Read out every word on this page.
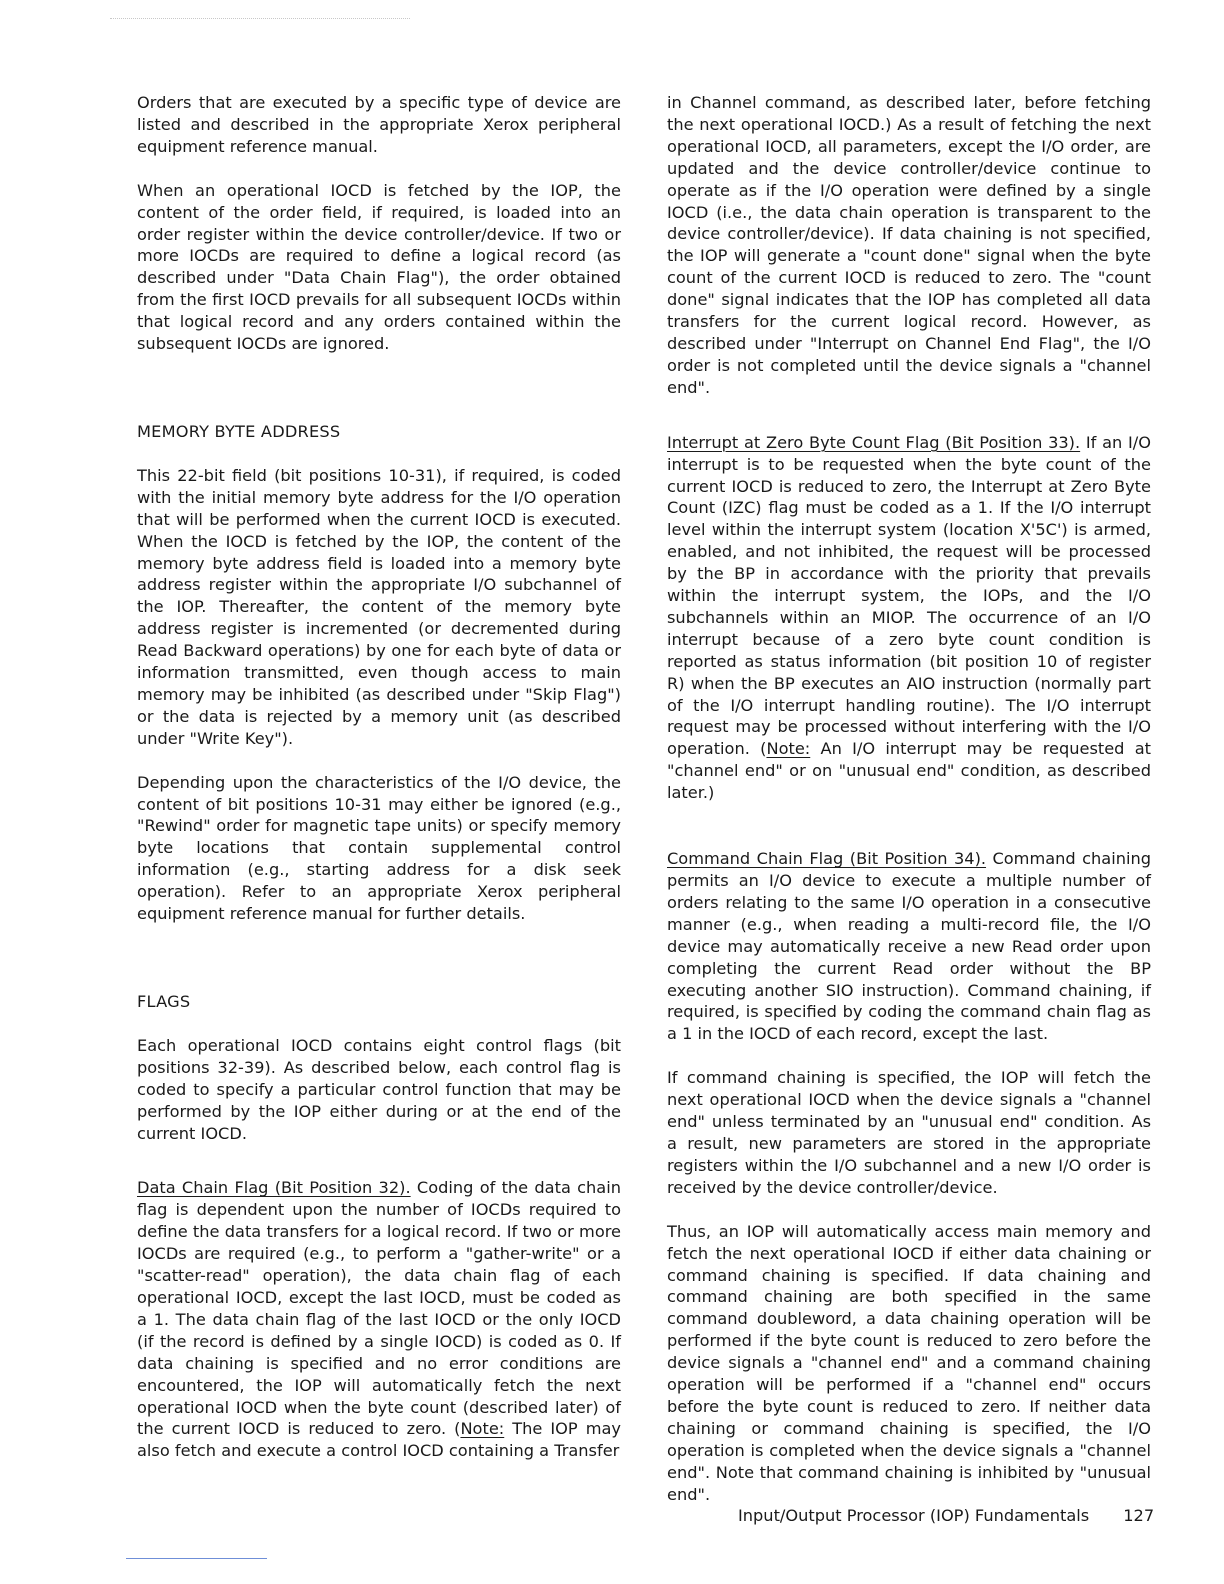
Orders that are executed by a specific type of device are listed and described in the appropriate Xerox peripheral equipment reference manual.

When an operational IOCD is fetched by the IOP, the content of the order field, if required, is loaded into an order register within the device controller/device. If two or more IOCDs are required to define a logical record (as described under "Data Chain Flag"), the order obtained from the first IOCD prevails for all subsequent IOCDs within that logical record and any orders contained within the subsequent IOCDs are ignored.

MEMORY BYTE ADDRESS

This 22-bit field (bit positions 10-31), if required, is coded with the initial memory byte address for the I/O operation that will be performed when the current IOCD is executed. When the IOCD is fetched by the IOP, the content of the memory byte address field is loaded into a memory byte address register within the appropriate I/O subchannel of the IOP. Thereafter, the content of the memory byte address register is incremented (or decremented during Read Backward operations) by one for each byte of data or information transmitted, even though access to main memory may be inhibited (as described under "Skip Flag") or the data is rejected by a memory unit (as described under "Write Key").

Depending upon the characteristics of the I/O device, the content of bit positions 10-31 may either be ignored (e.g., "Rewind" order for magnetic tape units) or specify memory byte locations that contain supplemental control information (e.g., starting address for a disk seek operation). Refer to an appropriate Xerox peripheral equipment reference manual for further details.

FLAGS

Each operational IOCD contains eight control flags (bit positions 32-39). As described below, each control flag is coded to specify a particular control function that may be performed by the IOP either during or at the end of the current IOCD.

Data Chain Flag (Bit Position 32). Coding of the data chain flag is dependent upon the number of IOCDs required to define the data transfers for a logical record. If two or more IOCDs are required (e.g., to perform a "gather-write" or a "scatter-read" operation), the data chain flag of each operational IOCD, except the last IOCD, must be coded as a 1. The data chain flag of the last IOCD or the only IOCD (if the record is defined by a single IOCD) is coded as 0. If data chaining is specified and no error conditions are encountered, the IOP will automatically fetch the next operational IOCD when the byte count (described later) of the current IOCD is reduced to zero. (Note: The IOP may also fetch and execute a control IOCD containing a Transfer

in Channel command, as described later, before fetching the next operational IOCD.) As a result of fetching the next operational IOCD, all parameters, except the I/O order, are updated and the device controller/device continue to operate as if the I/O operation were defined by a single IOCD (i.e., the data chain operation is transparent to the device controller/device). If data chaining is not specified, the IOP will generate a "count done" signal when the byte count of the current IOCD is reduced to zero. The "count done" signal indicates that the IOP has completed all data transfers for the current logical record. However, as described under "Interrupt on Channel End Flag", the I/O order is not completed until the device signals a "channel end".

Interrupt at Zero Byte Count Flag (Bit Position 33). If an I/O interrupt is to be requested when the byte count of the current IOCD is reduced to zero, the Interrupt at Zero Byte Count (IZC) flag must be coded as a 1. If the I/O interrupt level within the interrupt system (location X'5C') is armed, enabled, and not inhibited, the request will be processed by the BP in accordance with the priority that prevails within the interrupt system, the IOPs, and the I/O subchannels within an MIOP. The occurrence of an I/O interrupt because of a zero byte count condition is reported as status information (bit position 10 of register R) when the BP executes an AIO instruction (normally part of the I/O interrupt handling routine). The I/O interrupt request may be processed without interfering with the I/O operation. (Note: An I/O interrupt may be requested at "channel end" or on "unusual end" condition, as described later.)

Command Chain Flag (Bit Position 34). Command chaining permits an I/O device to execute a multiple number of orders relating to the same I/O operation in a consecutive manner (e.g., when reading a multi-record file, the I/O device may automatically receive a new Read order upon completing the current Read order without the BP executing another SIO instruction). Command chaining, if required, is specified by coding the command chain flag as a 1 in the IOCD of each record, except the last.

If command chaining is specified, the IOP will fetch the next operational IOCD when the device signals a "channel end" unless terminated by an "unusual end" condition. As a result, new parameters are stored in the appropriate registers within the I/O subchannel and a new I/O order is received by the device controller/device.

Thus, an IOP will automatically access main memory and fetch the next operational IOCD if either data chaining or command chaining is specified. If data chaining and command chaining are both specified in the same command doubleword, a data chaining operation will be performed if the byte count is reduced to zero before the device signals a "channel end" and a command chaining operation will be performed if a "channel end" occurs before the byte count is reduced to zero. If neither data chaining or command chaining is specified, the I/O operation is completed when the device signals a "channel end". Note that command chaining is inhibited by "unusual end".

Input/Output Processor (IOP) Fundamentals 127
